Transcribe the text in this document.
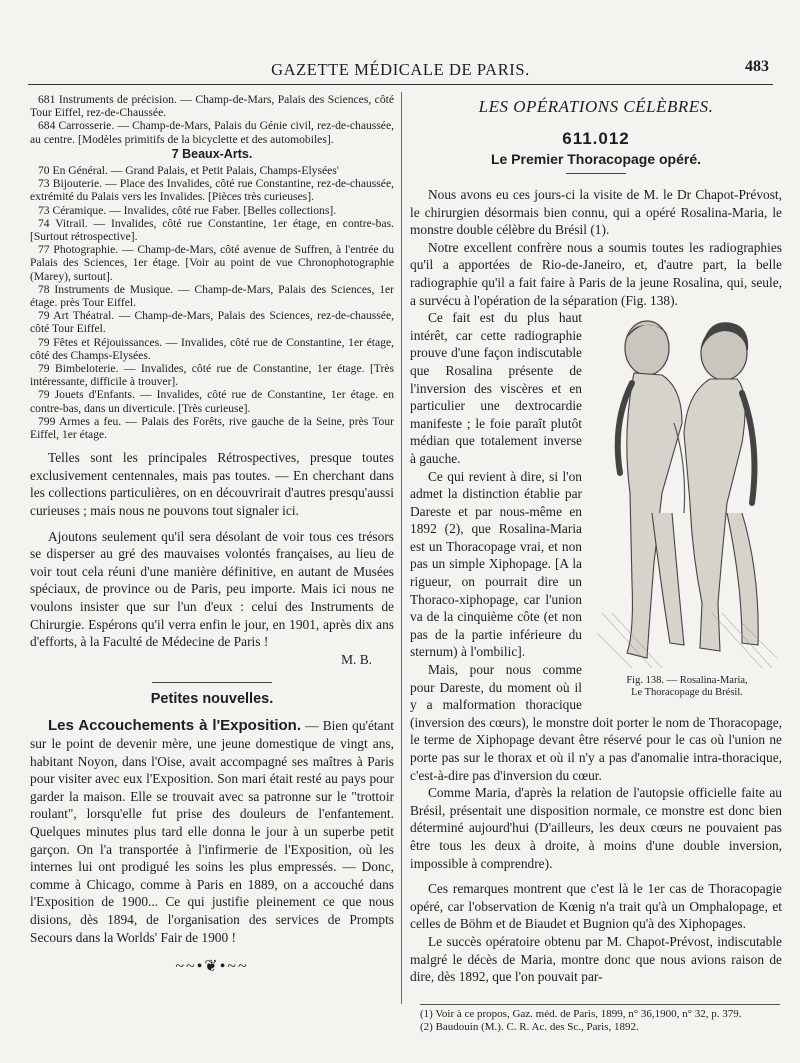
GAZETTE MÉDICALE DE PARIS.	483

681 Instruments de précision. — Champ-de-Mars, Palais des Sciences, côté Tour Eiffel, rez-de-Chaussée.

684 Carrosserie. — Champ-de-Mars, Palais du Génie civil, rez-de-chaussée, au centre. [Modèles primitifs de la bicyclette et des automobiles].

7 Beaux-Arts.

70 En Général. — Grand Palais, et Petit Palais, Champs-Elysées'

73 Bijouterie. — Place des Invalides, côté rue Constantine, rez-de-chaussée, extrémité du Palais vers les Invalides. [Pièces très curieuses].

73 Céramique. — Invalides, côté rue Faber. [Belles collections].

74 Vitrail. — Invalides, côté rue Constantine, 1er étage, en contre-bas. [Surtout rétrospective].

77 Photographie. — Champ-de-Mars, côté avenue de Suffren, à l'entrée du Palais des Sciences, 1er étage. [Voir au point de vue Chronophotographie (Marey), surtout].

78 Instruments de Musique. — Champ-de-Mars, Palais des Sciences, 1er étage. près Tour Eiffel.

79 Art Théatral. — Champ-de-Mars, Palais des Sciences, rez-de-chaussée, côté Tour Eiffel.

79 Fêtes et Réjouissances. — Invalides, côté rue de Constantine, 1er étage, côté des Champs-Elysées.

79 Bimbeloterie. — Invalides, côté rue de Constantine, 1er étage. [Très intéressante, difficile à trouver].

79 Jouets d'Enfants. — Invalides, côté rue de Constantine, 1er étage. en contre-bas, dans un diverticule. [Très curieuse].

799 Armes a feu. — Palais des Forêts, rive gauche de la Seine, près Tour Eiffel, 1er étage.

Telles sont les principales Rétrospectives, presque toutes exclusivement centennales, mais pas toutes. — En cherchant dans les collections particulières, on en découvrirait d'autres presqu'aussi curieuses ; mais nous ne pouvons tout signaler ici.

Ajoutons seulement qu'il sera désolant de voir tous ces trésors se disperser au gré des mauvaises volontés françaises, au lieu de voir tout cela réuni d'une manière définitive, en autant de Musées spéciaux, de province ou de Paris, peu importe. Mais ici nous ne voulons insister que sur l'un d'eux : celui des Instruments de Chirurgie. Espérons qu'il verra enfin le jour, en 1901, après dix ans d'efforts, à la Faculté de Médecine de Paris !

M. B.
Petites nouvelles.

Les Accouchements à l'Exposition. — Bien qu'étant sur le point de devenir mère, une jeune domestique de vingt ans, habitant Noyon, dans l'Oise, avait accompagné ses maîtres à Paris pour visiter avec eux l'Exposition. Son mari était resté au pays pour garder la maison. Elle se trouvait avec sa patronne sur le "trottoir roulant", lorsqu'elle fut prise des douleurs de l'enfantement. Quelques minutes plus tard elle donna le jour à un superbe petit garçon. On l'a transportée à l'infirmerie de l'Exposition, où les internes lui ont prodigué les soins les plus empressés. — Donc, comme à Chicago, comme à Paris en 1889, on a accouché dans l'Exposition de 1900... Ce qui justifie pleinement ce que nous disions, dès 1894, de l'organisation des services de Prompts Secours dans la Worlds' Fair de 1900 !

~~•❦•~~
LES OPÉRATIONS CÉLÈBRES.
611.012
Le Premier Thoracopage opéré.

Nous avons eu ces jours-ci la visite de M. le Dr Chapot-Prévost, le chirurgien désormais bien connu, qui a opéré Rosalina-Maria, le monstre double célèbre du Brésil (1).

Notre excellent confrère nous a soumis toutes les radiographies qu'il a apportées de Rio-de-Janeiro, et, d'autre part, la belle radiographie qu'il a fait faire à Paris de la jeune Rosalina, qui, seule, a survécu à l'opération de la séparation (Fig. 138).

Fig. 138. — Rosalina-Maria,
Le Thoracopage du Brésil.

Ce fait est du plus haut intérêt, car cette radiographie prouve d'une façon indiscutable que Rosalina présente de l'inversion des viscères et en particulier une dextrocardie manifeste ; le foie paraît plutôt médian que totalement inverse à gauche.

Ce qui revient à dire, si l'on admet la distinction établie par Dareste et par nous-même en 1892 (2), que Rosalina-Maria est un Thoracopage vrai, et non pas un simple Xiphopage. [A la rigueur, on pourrait dire un Thoraco-xiphopage, car l'union va de la cinquième côte (et non pas de la partie inférieure du sternum) à l'ombilic].

Mais, pour nous comme pour Dareste, du moment où il y a malformation thoracique (inversion des cœurs), le monstre doit porter le nom de Thoracopage, le terme de Xiphopage devant être réservé pour le cas où l'union ne porte pas sur le thorax et où il n'y a pas d'anomalie intra-thoracique, c'est-à-dire pas d'inversion du cœur.

Comme Maria, d'après la relation de l'autopsie officielle faite au Brésil, présentait une disposition normale, ce monstre est donc bien déterminé aujourd'hui (D'ailleurs, les deux cœurs ne pouvaient pas être tous les deux à droite, à moins d'une double inversion, impossible à comprendre).

Ces remarques montrent que c'est là le 1er cas de Thoracopagie opéré, car l'observation de Kœnig n'a trait qu'à un Omphalopage, et celles de Böhm et de Biaudet et Bugnion qu'à des Xiphopages.

Le succès opératoire obtenu par M. Chapot-Prévost, indiscutable malgré le décès de Maria, montre donc que nous avions raison de dire, dès 1892, que l'on pouvait par-

(1) Voir à ce propos, Gaz. méd. de Paris, 1899, n° 36,1900, n° 32, p. 379.

(2) Baudouin (M.). C. R. Ac. des Sc., Paris, 1892.
